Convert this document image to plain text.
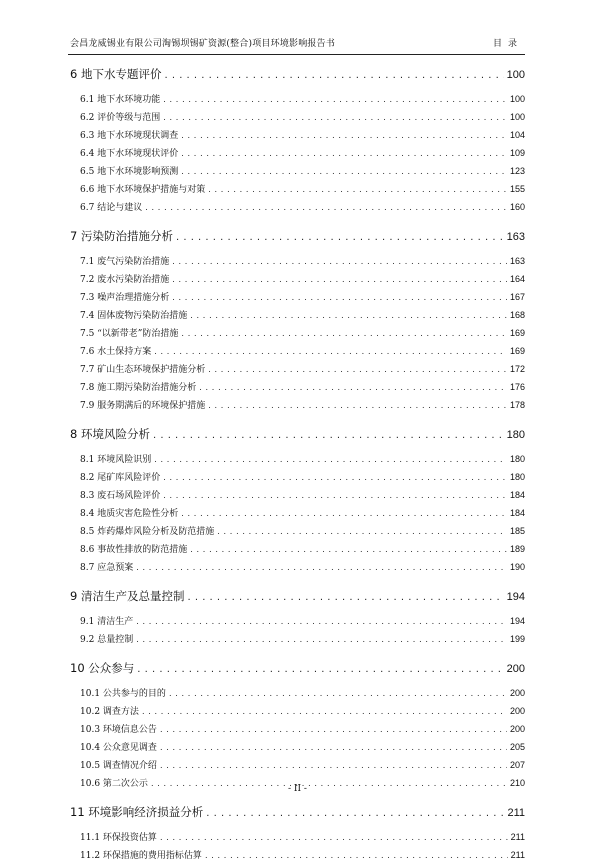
会昌龙威锡业有限公司淘锡坝锡矿资源(整合)项目环境影响报告书	目录
6 地下水专题评价 . . .	100
6.1 地下水环境功能 . . .	100
6.2 评价等级与范围 . . .	100
6.3 地下水环境现状调查 . . .	104
6.4 地下水环境现状评价 . . .	109
6.5 地下水环境影响预测 . . .	123
6.6 地下水环境保护措施与对策 . . .	155
6.7 结论与建议 . . .	160
7 污染防治措施分析 . . .	163
7.1 废气污染防治措施 . . .	163
7.2 废水污染防治措施 . . .	164
7.3 噪声治理措施分析 . . .	167
7.4 固体废物污染防治措施 . . .	168
7.5 “以新带老”防治措施 . . .	169
7.6 水土保持方案 . . .	169
7.7 矿山生态环境保护措施分析 . . .	172
7.8 施工期污染防治措施分析 . . .	176
7.9 服务期满后的环境保护措施 . . .	178
8 环境风险分析 . . .	180
8.1 环境风险识别 . . .	180
8.2 尾矿库风险评价 . . .	180
8.3 废石场风险评价 . . .	184
8.4 地质灾害危险性分析 . . .	184
8.5 炸药爆炸风险分析及防范措施 . . .	185
8.6 事故性排放的防范措施 . . .	189
8.7 应急预案 . . .	190
9 清洁生产及总量控制 . . .	194
9.1 清洁生产 . . .	194
9.2 总量控制 . . .	199
10 公众参与 . . .	200
10.1 公共参与的目的 . . .	200
10.2 调查方法 . . .	200
10.3 环境信息公告 . . .	200
10.4 公众意见调查 . . .	205
10.5 调查情况介绍 . . .	207
10.6 第二次公示 . . .	210
11 环境影响经济损益分析 . . .	211
11.1 环保投资估算 . . .	211
11.2 环保措施的费用指标估算 . . .	211
- II -
